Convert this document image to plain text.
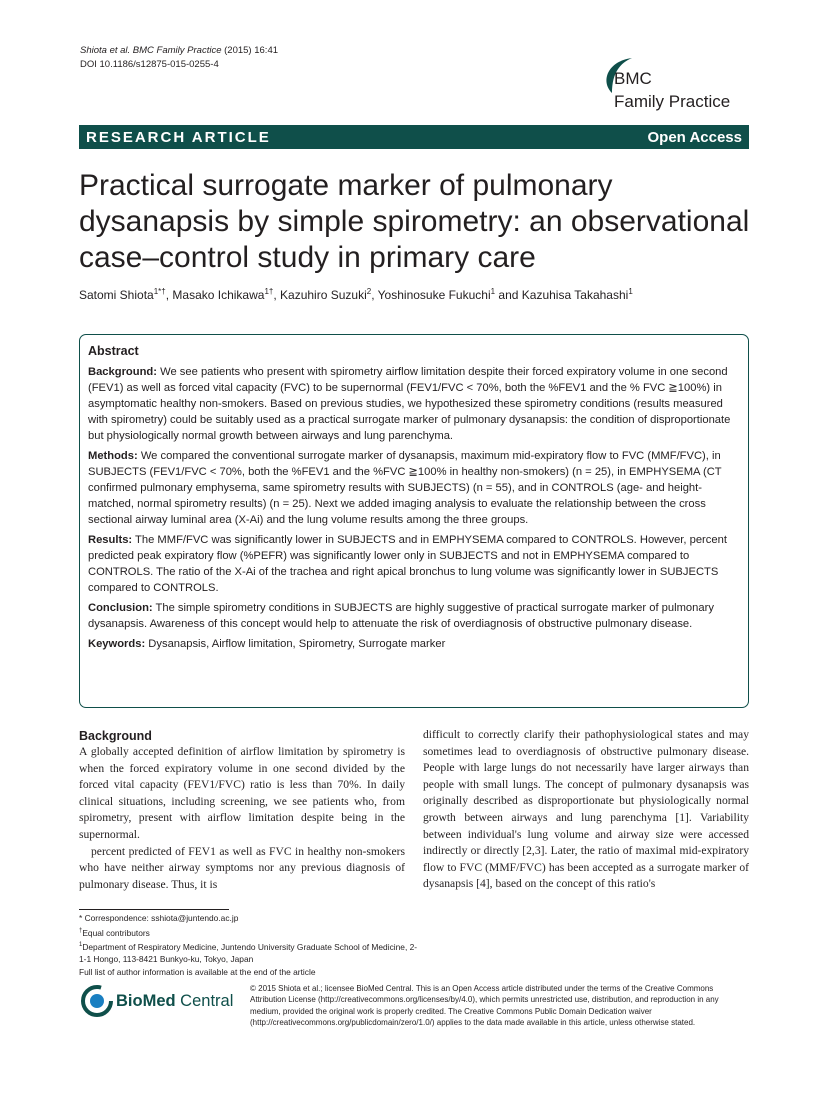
Shiota et al. BMC Family Practice (2015) 16:41
DOI 10.1186/s12875-015-0255-4
BMC
Family Practice
RESEARCH ARTICLE	Open Access
Practical surrogate marker of pulmonary dysanapsis by simple spirometry: an observational case–control study in primary care
Satomi Shiota$^{1*\dagger}$, Masako Ichikawa$^{1\dagger}$, Kazuhiro Suzuki$^2$, Yoshinosuke Fukuchi$^1$ and Kazuhisa Takahashi$^1$
Abstract

Background: We see patients who present with spirometry airflow limitation despite their forced expiratory volume in one second (FEV1) as well as forced vital capacity (FVC) to be supernormal (FEV1/FVC < 70%, both the %FEV1 and the % FVC ≧100%) in asymptomatic healthy non-smokers. Based on previous studies, we hypothesized these spirometry conditions (results measured with spirometry) could be suitably used as a practical surrogate marker of pulmonary dysanapsis: the condition of disproportionate but physiologically normal growth between airways and lung parenchyma.

Methods: We compared the conventional surrogate marker of dysanapsis, maximum mid-expiratory flow to FVC (MMF/FVC), in SUBJECTS (FEV1/FVC < 70%, both the %FEV1 and the %FVC ≧100% in healthy non-smokers) (n = 25), in EMPHYSEMA (CT confirmed pulmonary emphysema, same spirometry results with SUBJECTS) (n = 55), and in CONTROLS (age- and height- matched, normal spirometry results) (n = 25). Next we added imaging analysis to evaluate the relationship between the cross sectional airway luminal area (X-Ai) and the lung volume results among the three groups.

Results: The MMF/FVC was significantly lower in SUBJECTS and in EMPHYSEMA compared to CONTROLS. However, percent predicted peak expiratory flow (%PEFR) was significantly lower only in SUBJECTS and not in EMPHYSEMA compared to CONTROLS. The ratio of the X-Ai of the trachea and right apical bronchus to lung volume was significantly lower in SUBJECTS compared to CONTROLS.

Conclusion: The simple spirometry conditions in SUBJECTS are highly suggestive of practical surrogate marker of pulmonary dysanapsis. Awareness of this concept would help to attenuate the risk of overdiagnosis of obstructive pulmonary disease.

Keywords: Dysanapsis, Airflow limitation, Spirometry, Surrogate marker

Background

A globally accepted definition of airflow limitation by spirometry is when the forced expiratory volume in one second divided by the forced vital capacity (FEV1/FVC) ratio is less than 70%. In daily clinical situations, including screening, we see patients who, from spirometry, present with airflow limitation despite being in the supernormal.

percent predicted of FEV1 as well as FVC in healthy non-smokers who have neither airway symptoms nor any previous diagnosis of pulmonary disease. Thus, it is

difficult to correctly clarify their pathophysiological states and may sometimes lead to overdiagnosis of obstructive pulmonary disease. People with large lungs do not necessarily have larger airways than people with small lungs. The concept of pulmonary dysanapsis was originally described as disproportionate but physiologically normal growth between airways and lung parenchyma [1]. Variability between individual's lung volume and airway size were accessed indirectly or directly [2,3]. Later, the ratio of maximal mid-expiratory flow to FVC (MMF/FVC) has been accepted as a surrogate marker of dysanapsis [4], based on the concept of this ratio's

* Correspondence: sshiota@juntendo.ac.jp
†Equal contributors
$^1$Department of Respiratory Medicine, Juntendo University Graduate School of Medicine, 2-1-1 Hongo, 113-8421 Bunkyo-ku, Tokyo, Japan
Full list of author information is available at the end of the article
BioMed Central
© 2015 Shiota et al.; licensee BioMed Central. This is an Open Access article distributed under the terms of the Creative Commons Attribution License (http://creativecommons.org/licenses/by/4.0), which permits unrestricted use, distribution, and reproduction in any medium, provided the original work is properly credited. The Creative Commons Public Domain Dedication waiver (http://creativecommons.org/publicdomain/zero/1.0/) applies to the data made available in this article, unless otherwise stated.
